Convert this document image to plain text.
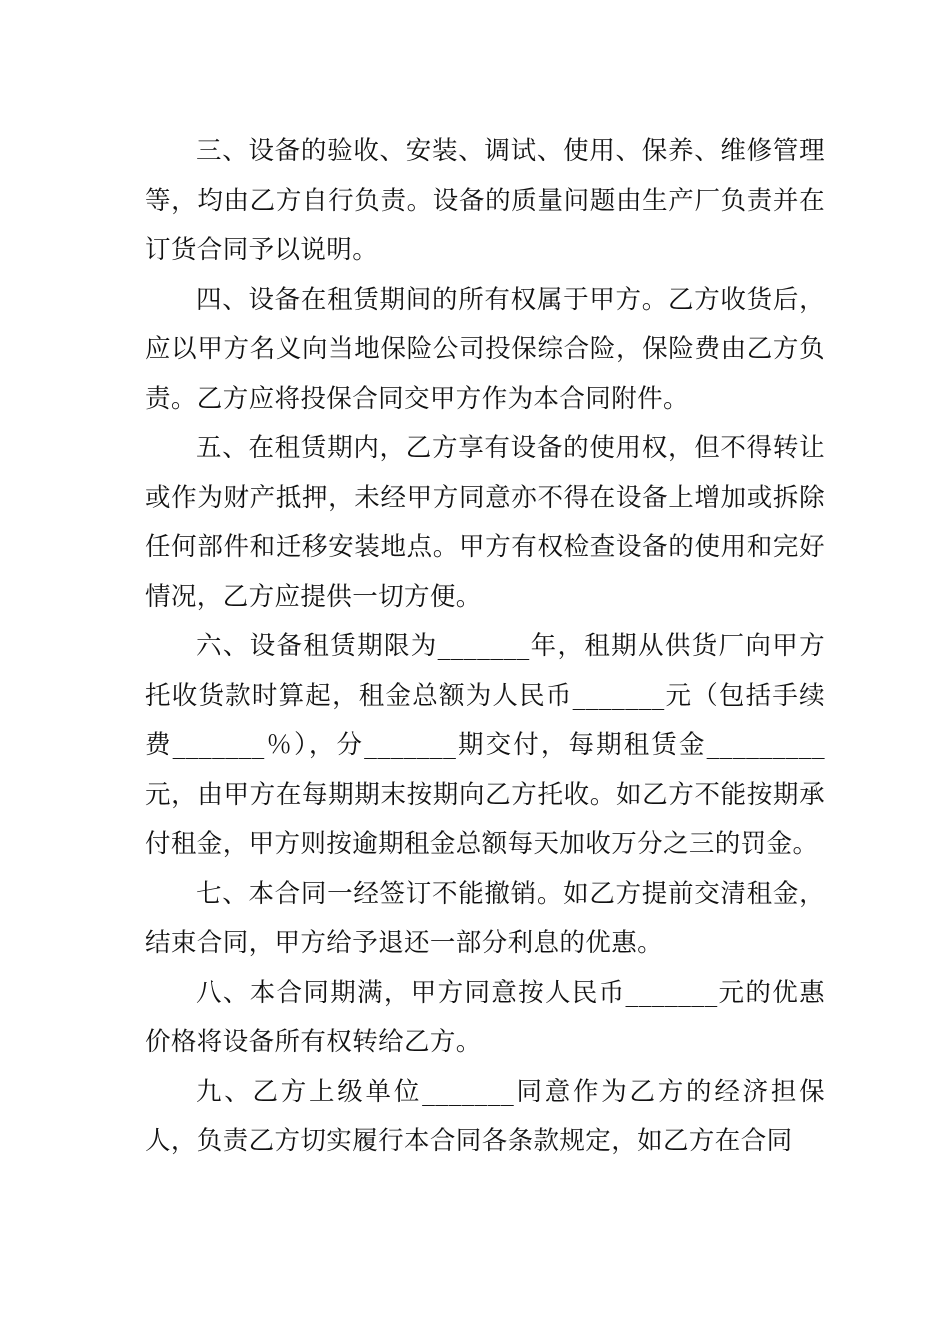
三、设备的验收、安装、调试、使用、保养、维修管理等，均由乙方自行负责。设备的质量问题由生产厂负责并在订货合同予以说明。

四、设备在租赁期间的所有权属于甲方。乙方收货后，应以甲方名义向当地保险公司投保综合险，保险费由乙方负责。乙方应将投保合同交甲方作为本合同附件。

五、在租赁期内，乙方享有设备的使用权，但不得转让或作为财产抵押，未经甲方同意亦不得在设备上增加或拆除任何部件和迁移安装地点。甲方有权检查设备的使用和完好情况，乙方应提供一切方便。

六、设备租赁期限为_______年，租期从供货厂向甲方托收货款时算起，租金总额为人民币_______元（包括手续费_______％），分_______期交付，每期租赁金_________元，由甲方在每期期末按期向乙方托收。如乙方不能按期承付租金，甲方则按逾期租金总额每天加收万分之三的罚金。

七、本合同一经签订不能撤销。如乙方提前交清租金，结束合同，甲方给予退还一部分利息的优惠。

八、本合同期满，甲方同意按人民币_______元的优惠价格将设备所有权转给乙方。

九、乙方上级单位_______同意作为乙方的经济担保人，负责乙方切实履行本合同各条款规定，如乙方在合同
